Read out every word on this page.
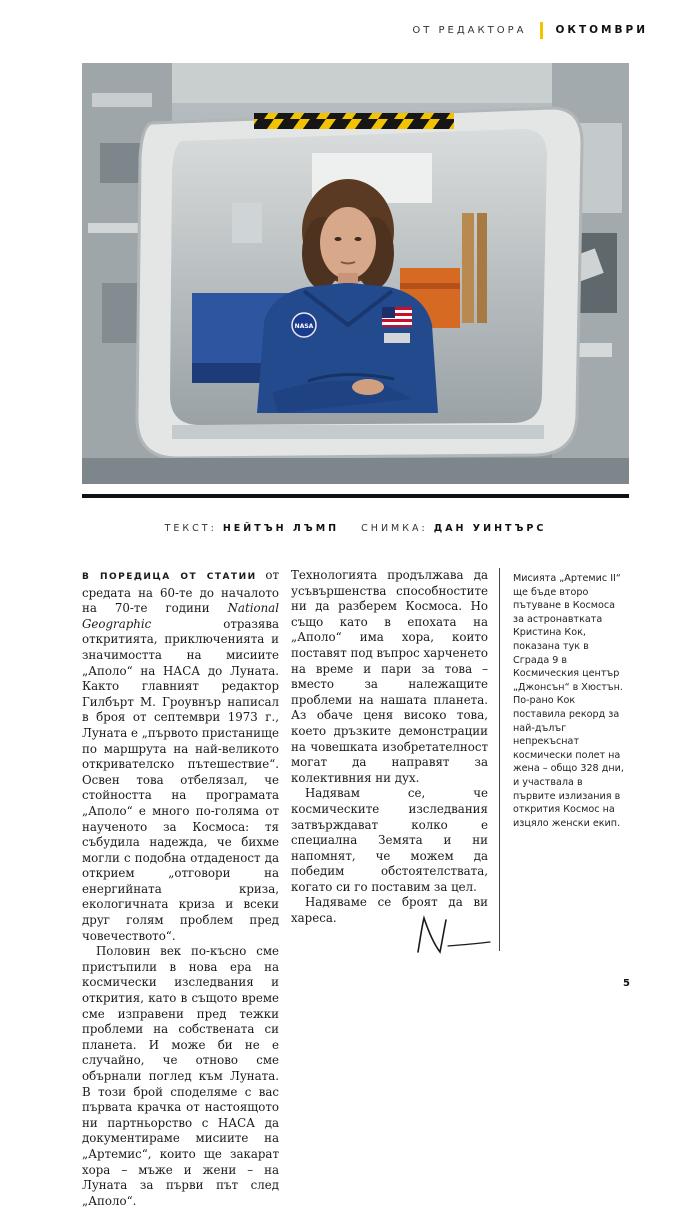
ОТ РЕДАКТОРА	ОКТОМВРИ
NASA
ТЕКСТ: НЕЙТЪН ЛЪМП СНИМКА: ДАН УИНТЪРС

В ПОРЕДИЦА ОТ СТАТИИ от средата на 60-те до началото на 70-те години National Geographic отразява откритията, приключенията и значимостта на мисиите „Аполо“ на НАСА до Луната. Както главният редактор Гилбърт М. Гроувнър написал в броя от септември 1973 г., Луната е „първото пристанище по маршрута на най-великото откривателско пътешествие“. Освен това отбелязал, че стойността на програмата „Аполо“ е много по-голяма от наученото за Космоса: тя събудила надежда, че бихме могли с подобна отдаденост да открием „отговори на енергийната криза, екологичната криза и всеки друг голям проблем пред човечеството“.

Половин век по-късно сме пристъпили в нова ера на космически изследвания и открития, като в същото време сме изправени пред тежки проблеми на собствената си планета. И може би не е случайно, че отново сме обърнали поглед към Луната. В този брой споделяме с вас първата крачка от настоящото ни партньорство с НАСА да документираме мисиите на „Артемис“, които ще закарат хора – мъже и жени – на Луната за първи път след „Аполо“.

Технологията продължава да усъвършенства способностите ни да разберем Космоса. Но също като в епохата на „Аполо“ има хора, които поставят под въпрос харченето на време и пари за това – вместо за належащите проблеми на нашата планета. Аз обаче ценя високо това, което дръзките демонстрации на човешката изобретателност могат да направят за колективния ни дух.

Надявам се, че космическите изследвания затвърждават колко е специална Земята и ни напомнят, че можем да победим обстоятелствата, когато си го поставим за цел.

Надяваме се броят да ви хареса.

Мисията „Артемис II“ ще бъде второ пътуване в Космоса за астронавтката Кристина Кок, показана тук в Сграда 9 в Космическия център „Джонсън“ в Хюстън. По-рано Кок поставила рекорд за най-дълъг непрекъснат космически полет на жена – общо 328 дни, и участвала в първите излизания в открития Космос на изцяло женски екип.
5
